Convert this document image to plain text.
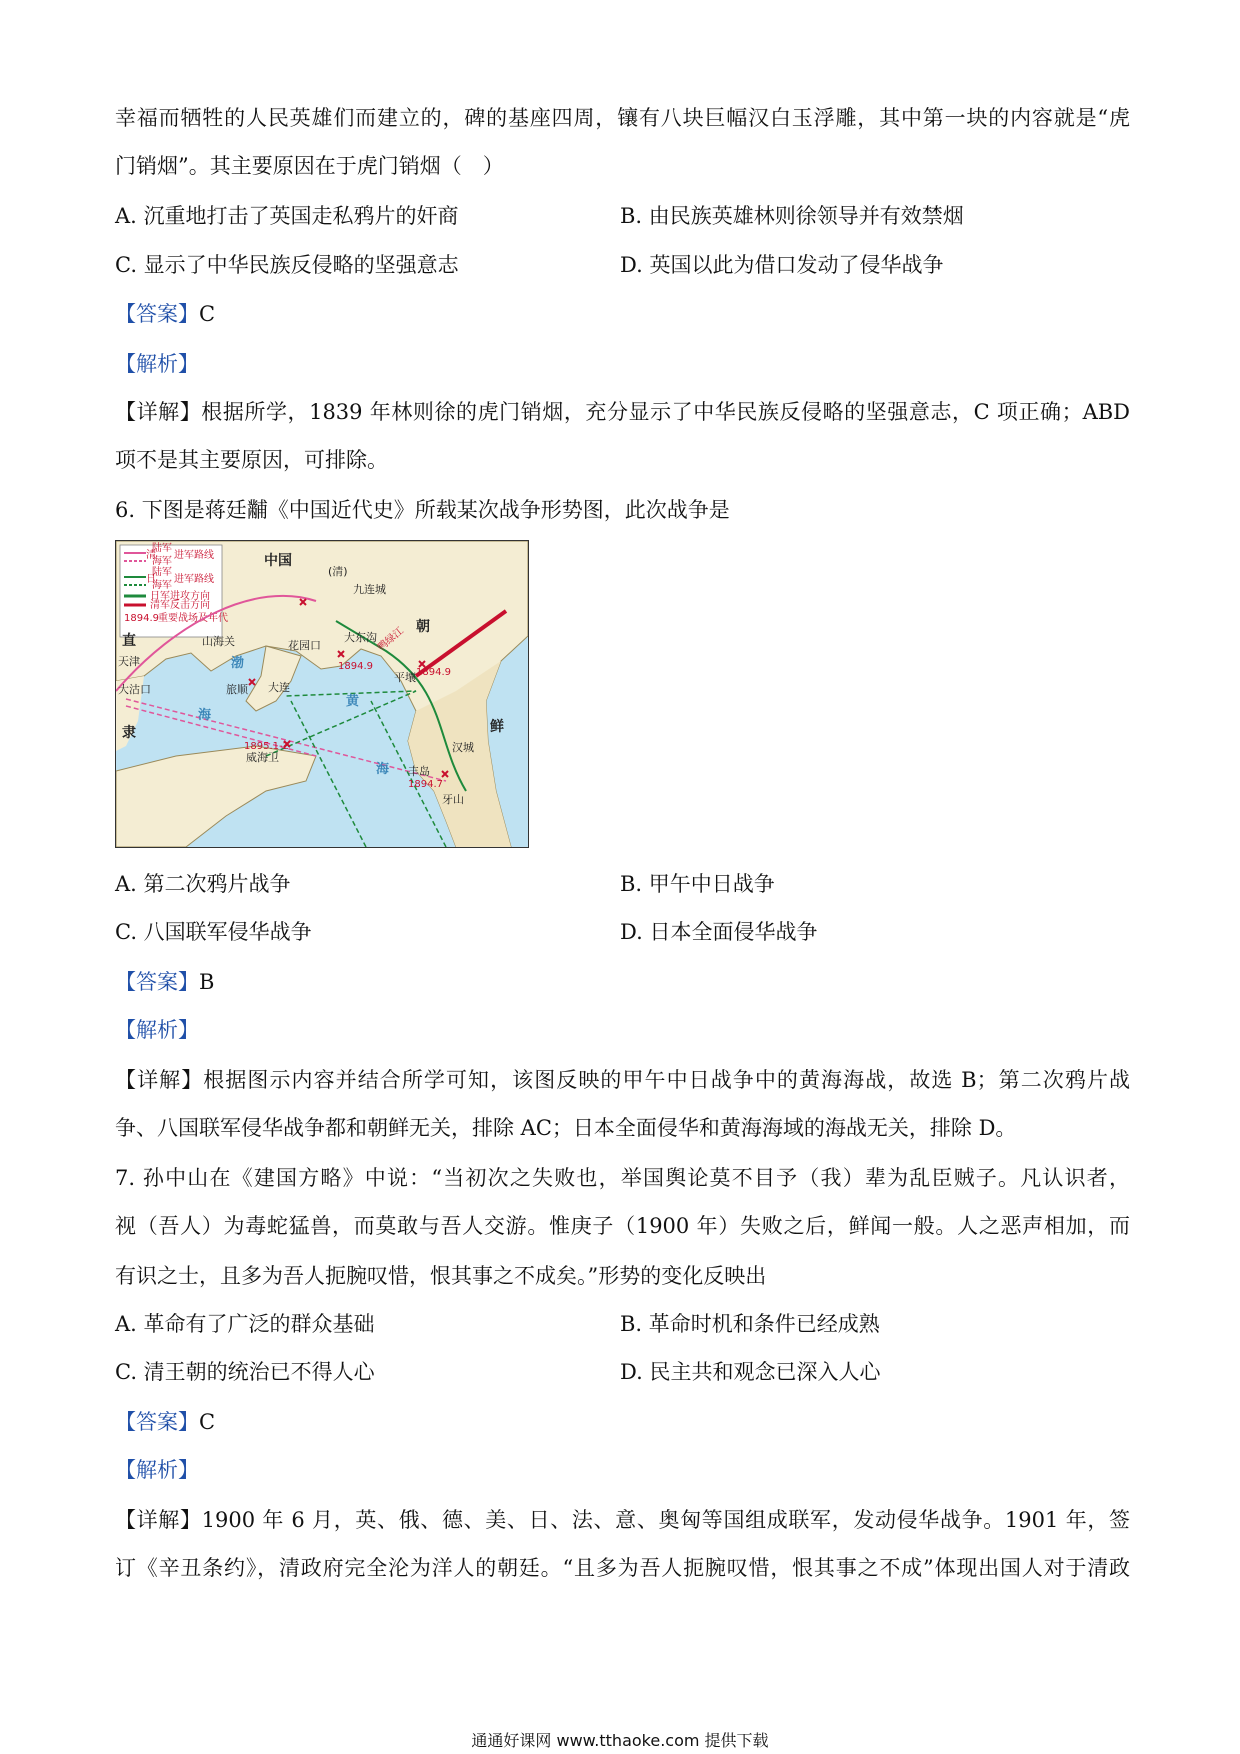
幸福而牺牲的人民英雄们而建立的，碑的基座四周，镶有八块巨幅汉白玉浮雕，其中第一块的内容就是“虎
门销烟”。其主要原因在于虎门销烟（　）
A. 沉重地打击了英国走私鸦片的奸商	B. 由民族英雄林则徐领导并有效禁烟
C. 显示了中华民族反侵略的坚强意志	D. 英国以此为借口发动了侵华战争
【答案】C
【解析】
【详解】根据所学，1839 年林则徐的虎门销烟，充分显示了中华民族反侵略的坚强意志，C 项正确；ABD
项不是其主要原因，可排除。
6. 下图是蒋廷黼《中国近代史》所载某次战争形势图，此次战争是
陆军
海军
清 进军路线
陆军
海军
日 进军路线
日军进攻方向
清军反击方向
1894.9 重要战场及年代
中国
(清)
九连城
朝
鲜
山海关
直
隶
天津
大沽口
花园口
大东沟
旅顺 大连
平壤
汉城
威海卫
丰岛
牙山
渤
海
黄
海
1894.9
1894.9
1895.1-2
1894.7
鸭绿江
A. 第二次鸦片战争	B. 甲午中日战争
C. 八国联军侵华战争	D. 日本全面侵华战争
【答案】B
【解析】
【详解】根据图示内容并结合所学可知，该图反映的甲午中日战争中的黄海海战，故选 B；第二次鸦片战
争、八国联军侵华战争都和朝鲜无关，排除 AC；日本全面侵华和黄海海域的海战无关，排除 D。
7. 孙中山在《建国方略》中说：“当初次之失败也，举国舆论莫不目予（我）辈为乱臣贼子。凡认识者，
视（吾人）为毒蛇猛兽，而莫敢与吾人交游。惟庚子（1900 年）失败之后，鲜闻一般。人之恶声相加，而
有识之士，且多为吾人扼腕叹惜，恨其事之不成矣。”形势的变化反映出
A. 革命有了广泛的群众基础	B. 革命时机和条件已经成熟
C. 清王朝的统治已不得人心	D. 民主共和观念已深入人心
【答案】C
【解析】
【详解】1900 年 6 月，英、俄、德、美、日、法、意、奥匈等国组成联军，发动侵华战争。1901 年，签
订《辛丑条约》，清政府完全沦为洋人的朝廷。“且多为吾人扼腕叹惜，恨其事之不成”体现出国人对于清政
通通好课网 www.tthaoke.com 提供下载
